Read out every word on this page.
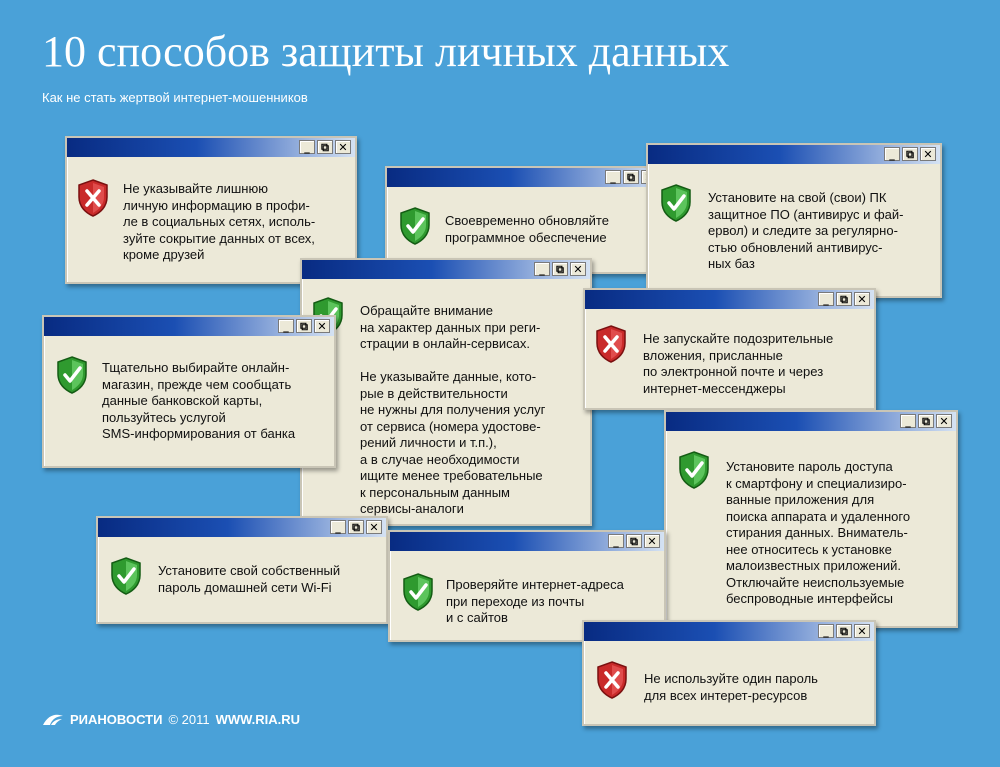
10 способов защиты личных данных
Как не стать жертвой интернет-мошенников
_	⧉ ✕
Не указывайте лишнюю
личную информацию в профи-
ле в социальных сетях, исполь-
зуйте сокрытие данных от всех,
кроме друзей
_	⧉
Своевременно обновляйте
программное обеспечение
_	⧉ ✕
Установите на свой (свои) ПК
защитное ПО (антивирус и фай-
ервол) и следите за регулярно-
стью обновлений антивирус-
ных баз
_	⧉ ✕
Обращайте внимание
на характер данных при реги-
страции в онлайн-сервисах.

Не указывайте данные, кото-
рые в действительности
не нужны для получения услуг
от сервиса (номера удостове-
рений личности и т.п.),
а в случае необходимости
ищите менее требовательные
к персональным данным
сервисы-аналоги
_	⧉ ✕
Тщательно выбирайте онлайн-
магазин, прежде чем сообщать
данные банковской карты,
пользуйтесь услугой
SMS-информирования от банка
_	⧉ ✕
Не запускайте подозрительные
вложения, присланные
по электронной почте и через
интернет-мессенджеры
_	⧉ ✕
Установите пароль доступа
к смартфону и специализиро-
ванные приложения для
поиска аппарата и удаленного
стирания данных. Вниматель-
нее относитесь к установке
малоизвестных приложений.
Отключайте неиспользуемые
беспроводные интерфейсы
_	⧉ ✕
Установите свой собственный
пароль домашней сети Wi-Fi
_	⧉ ✕
Проверяйте интернет-адреса
при переходе из почты
и с сайтов
_	⧉ ✕
Не используйте один пароль
для всех интерет-ресурсов
РИАНОВОСТИ © 2011 WWW.RIA.RU
